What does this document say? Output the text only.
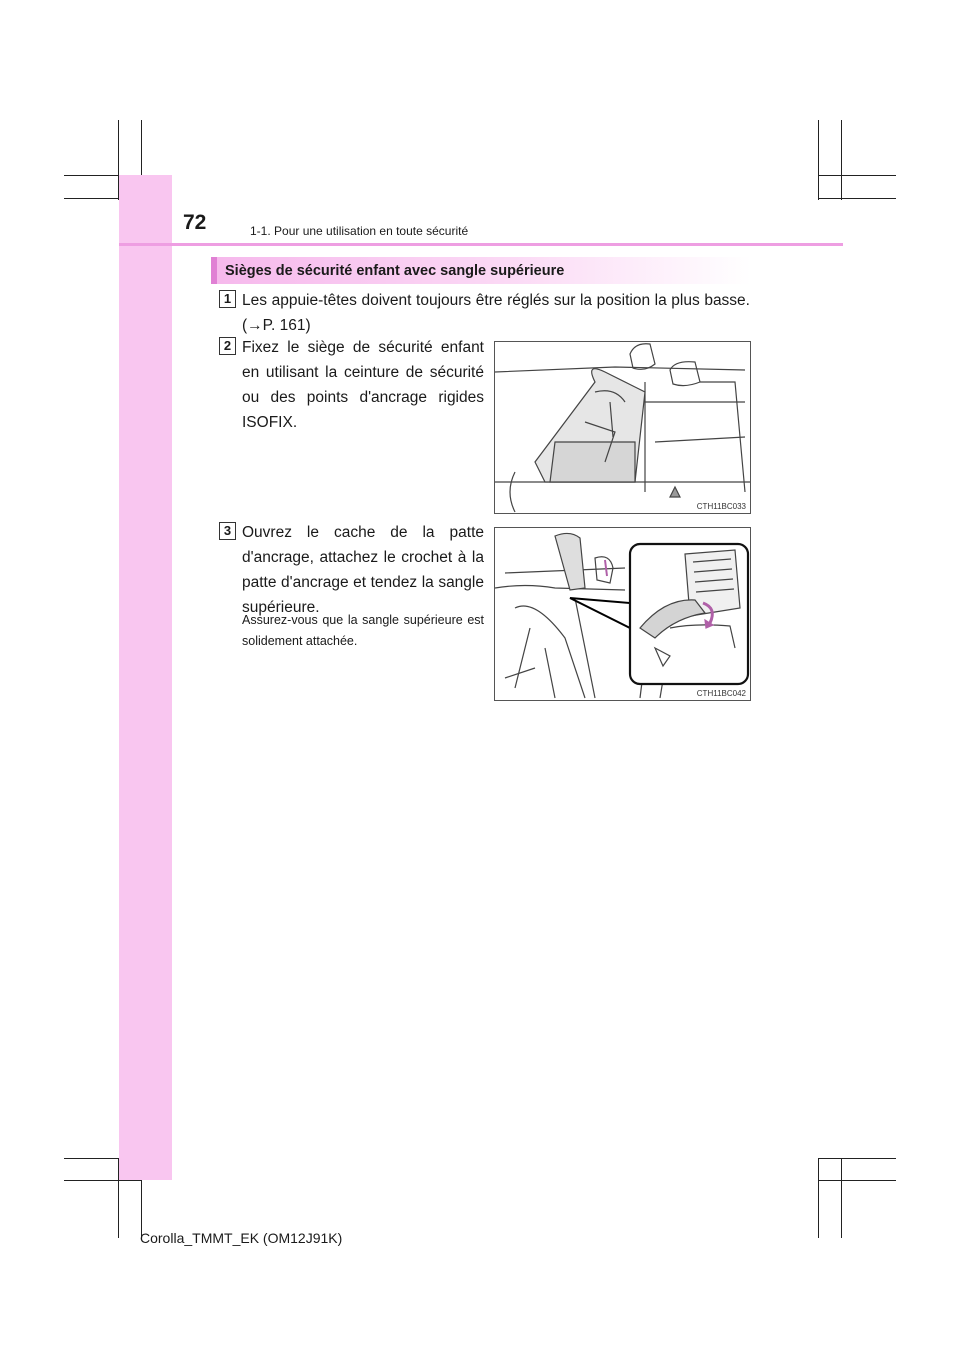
72	1-1. Pour une utilisation en toute sécurité
Sièges de sécurité enfant avec sangle supérieure
1 Les appuie-têtes doivent toujours être réglés sur la position la plus basse. (→P. 161)
2 Fixez le siège de sécurité enfant en utilisant la ceinture de sécurité ou des points d'ancrage rigides ISOFIX.
CTH11BC033
3 Ouvrez le cache de la patte d'ancrage, attachez le crochet à la patte d'ancrage et tendez la sangle supérieure.
Assurez-vous que la sangle supérieure est solidement attachée.
CTH11BC042
Corolla_TMMT_EK (OM12J91K)
